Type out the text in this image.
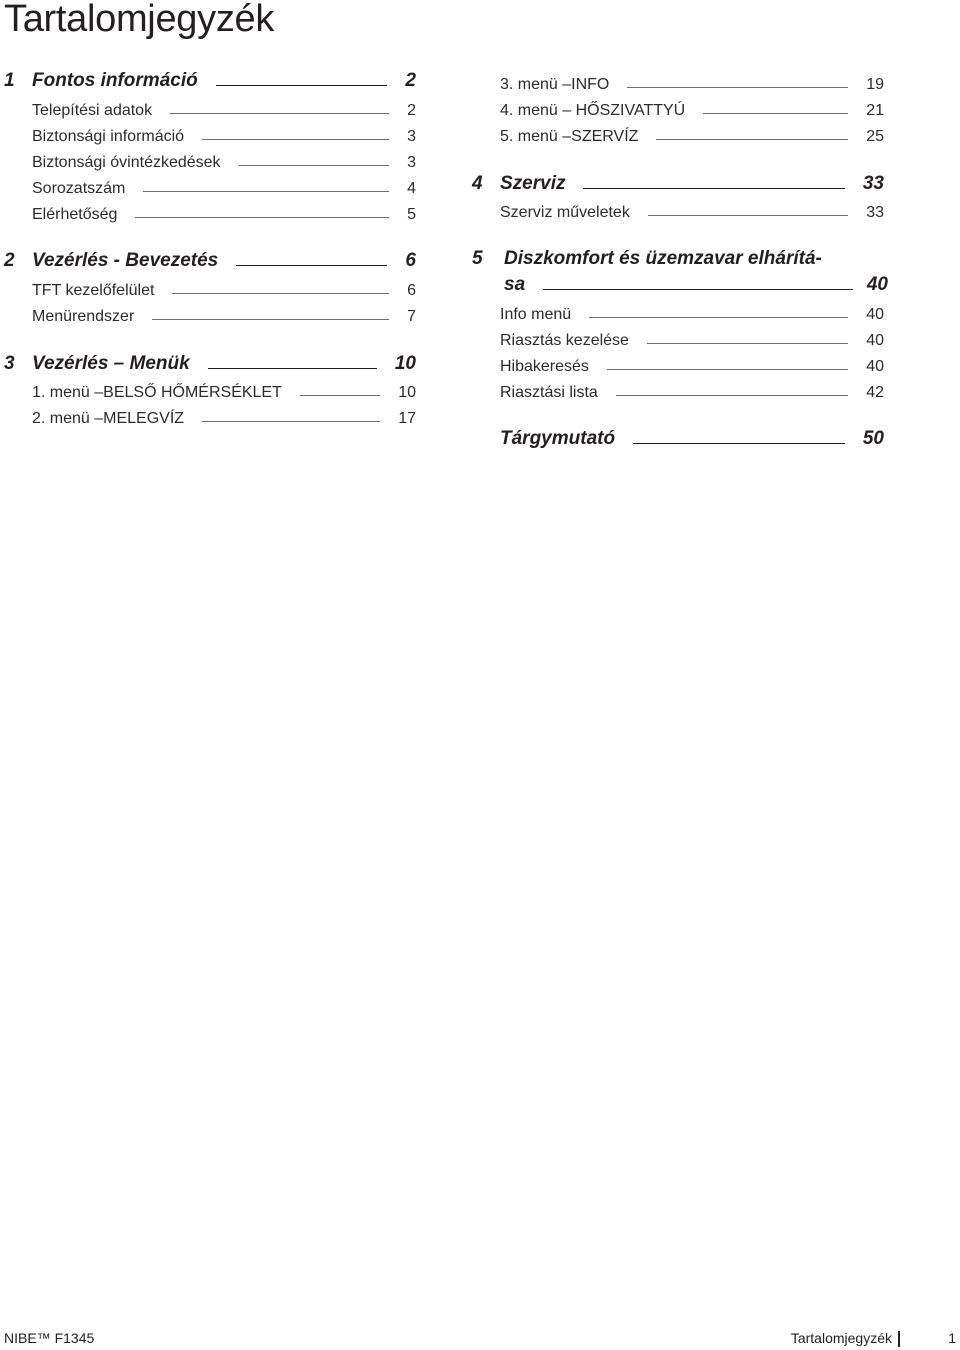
Tartalomjegyzék
1 Fontos információ	2
Telepítési adatok	2
Biztonsági információ	3
Biztonsági óvintézkedések	3
Sorozatszám	4
Elérhetőség	5
2 Vezérlés - Bevezetés	6
TFT kezelőfelület	6
Menürendszer	7
3 Vezérlés – Menük	10
1. menü –BELSŐ HŐMÉRSÉKLET	10
2. menü –MELEGVÍZ	17
3. menü –INFO	19
4. menü – HŐSZIVATTYÚ	21
5. menü –SZERVÍZ	25
4 Szerviz	33
Szerviz műveletek	33
5 Diszkomfort és üzemzavar elhárítá-
sa	40
Info menü	40
Riasztás kezelése	40
Hibakeresés	40
Riasztási lista	42
Tárgymutató	50
NIBE™ F1345	Tartalomjegyzék	1
